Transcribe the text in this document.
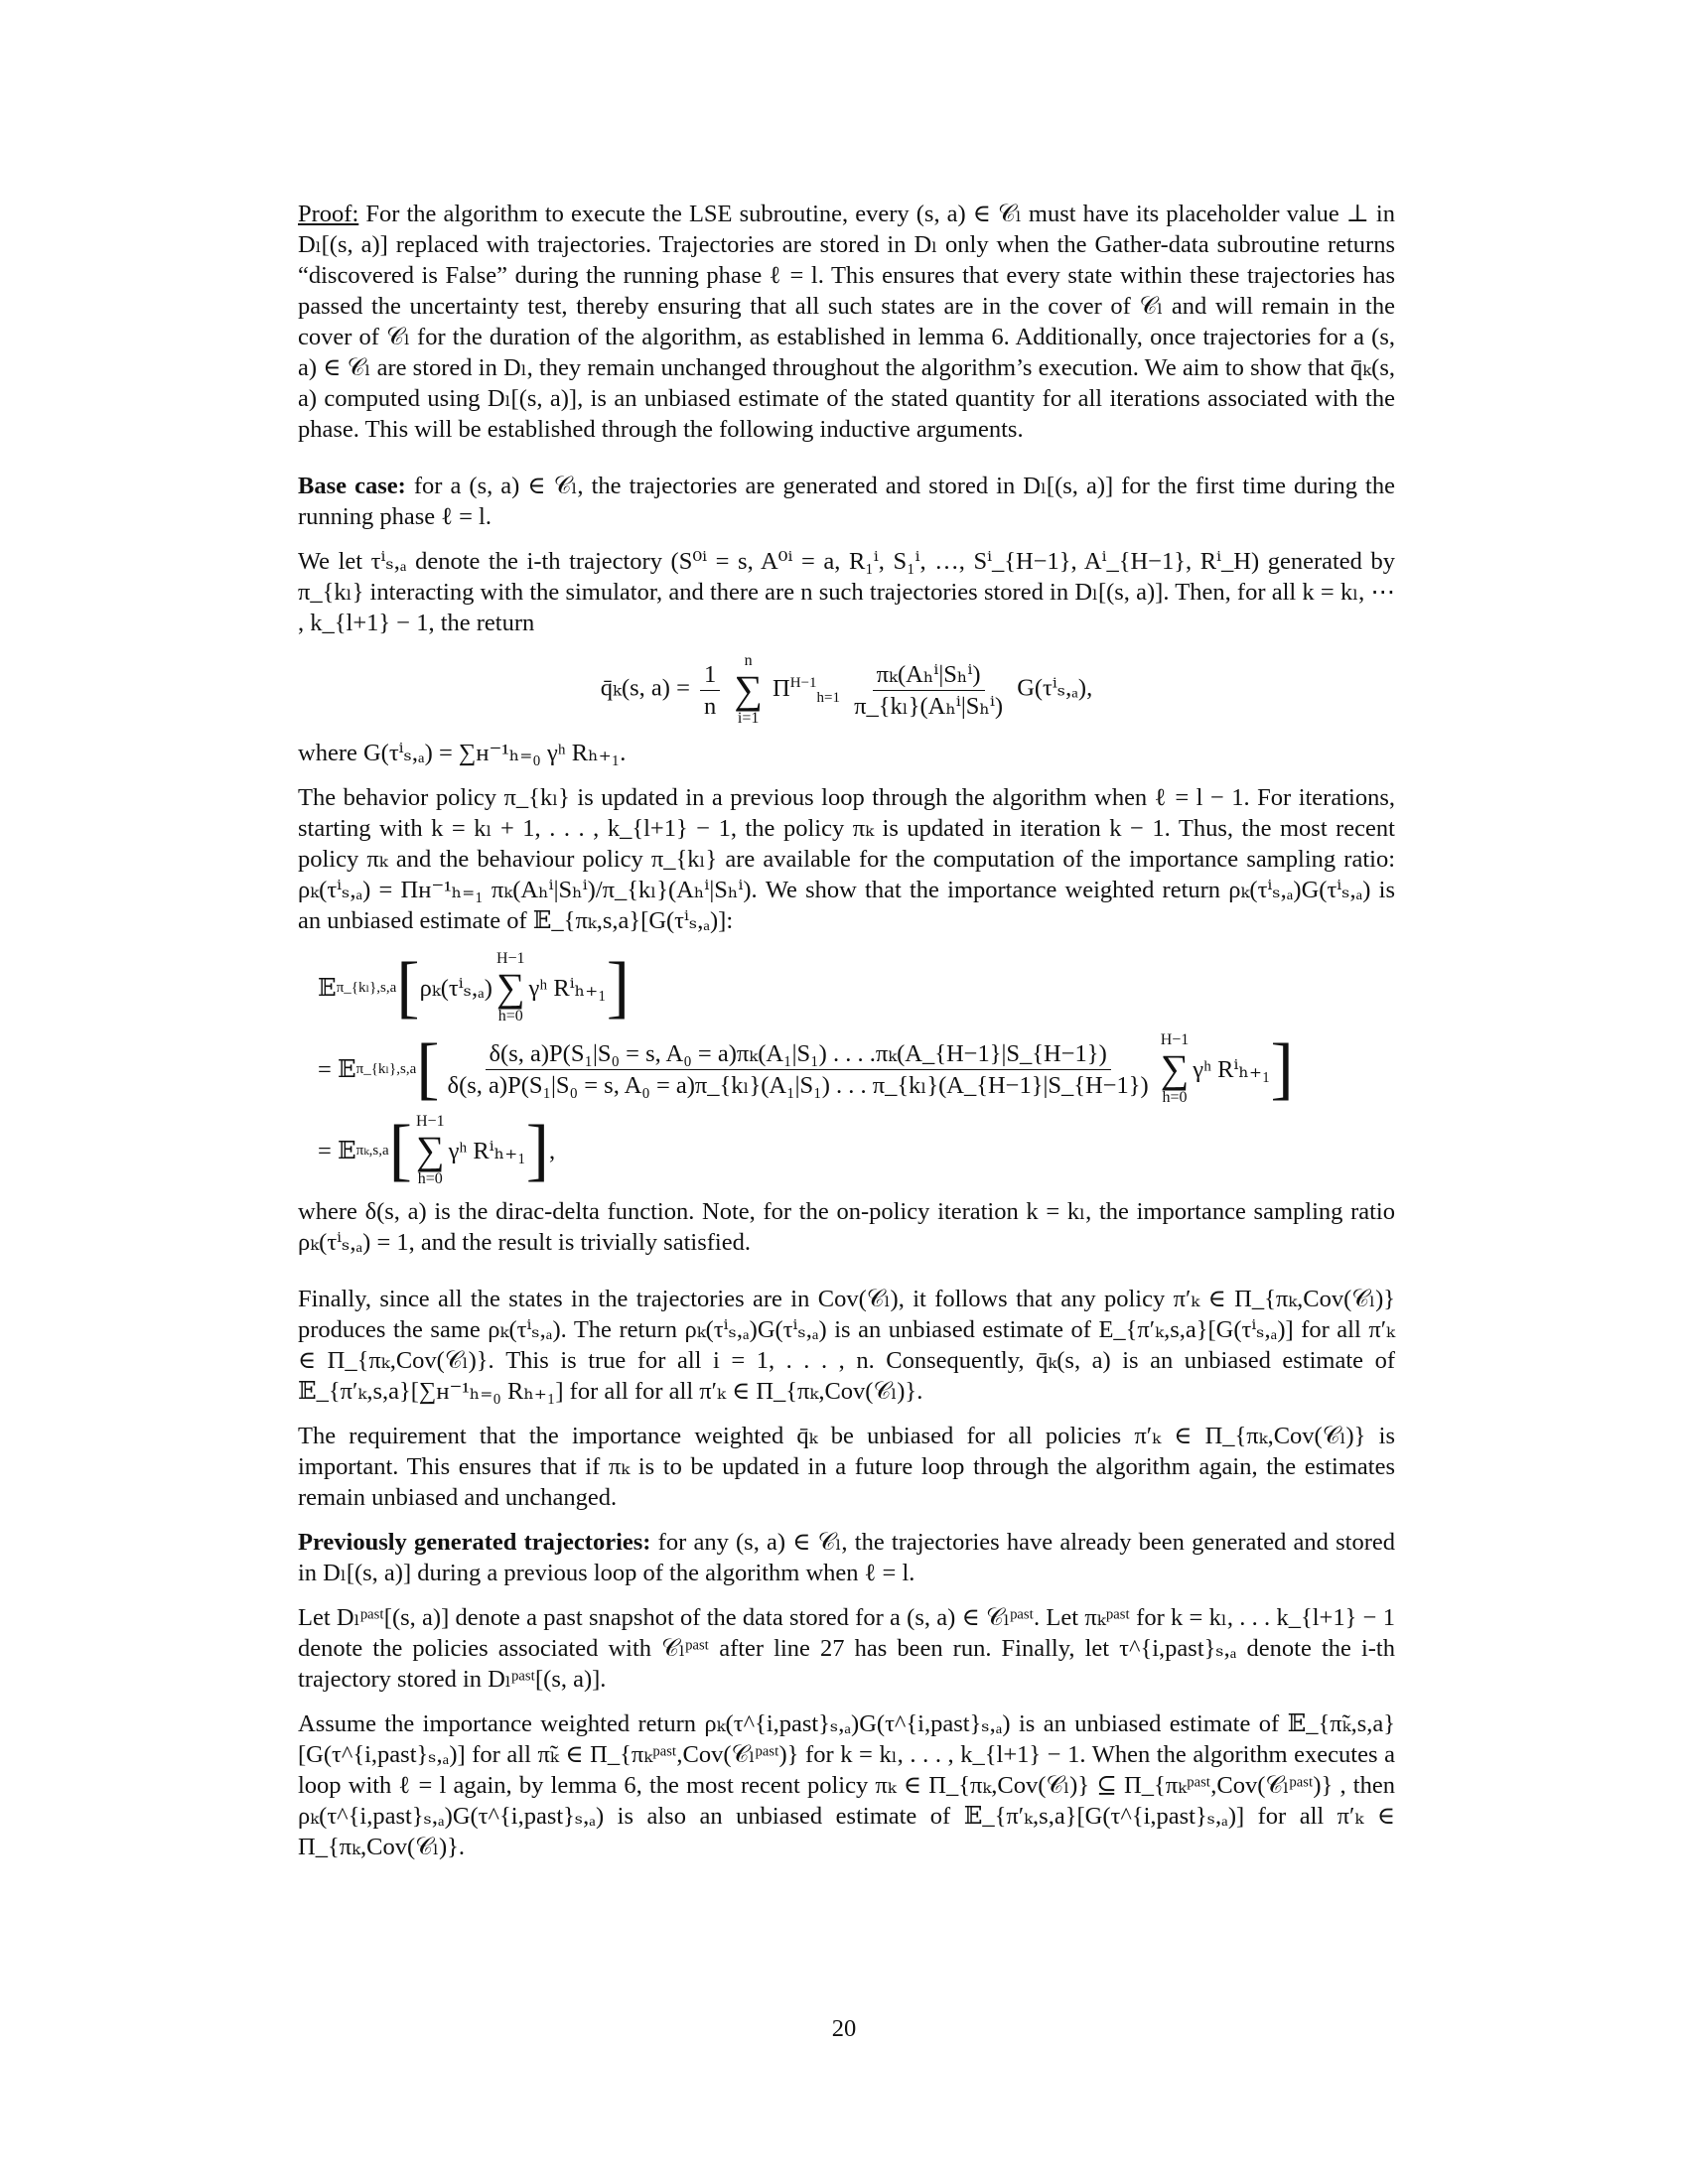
Proof: For the algorithm to execute the LSE subroutine, every (s, a) ∈ 𝒞ₗ must have its placeholder value ⊥ in Dₗ[(s, a)] replaced with trajectories. Trajectories are stored in Dₗ only when the Gather-data subroutine returns “discovered is False” during the running phase ℓ = l. This ensures that every state within these trajectories has passed the uncertainty test, thereby ensuring that all such states are in the cover of 𝒞ₗ and will remain in the cover of 𝒞ₗ for the duration of the algorithm, as established in lemma 6. Additionally, once trajectories for a (s, a) ∈ 𝒞ₗ are stored in Dₗ, they remain unchanged throughout the algorithm’s execution. We aim to show that q̄ₖ(s, a) computed using Dₗ[(s, a)], is an unbiased estimate of the stated quantity for all iterations associated with the phase. This will be established through the following inductive arguments.

Base case: for a (s, a) ∈ 𝒞ₗ, the trajectories are generated and stored in Dₗ[(s, a)] for the first time during the running phase ℓ = l.

We let τⁱₛ,ₐ denote the i-th trajectory (S⁰ⁱ = s, A⁰ⁱ = a, R₁ⁱ, S₁ⁱ, …, Sⁱ_{H−1}, Aⁱ_{H−1}, Rⁱ_H) generated by π_{kₗ} interacting with the simulator, and there are n such trajectories stored in Dₗ[(s, a)]. Then, for all k = kₗ, ⋯ , k_{l+1} − 1, the return

q̄ₖ(s, $a) = \frac{1}{n}$
n
∑
i=1
$\Pi^{H-1}_{h=1} \frac{\text{πₖ(Aₕⁱ|Sₕⁱ)}}{\text{π\_\{kₗ\}(Aₕⁱ|Sₕⁱ)}} G(\tau^i_s,_a)$,

where G(τⁱₛ,ₐ) = ∑ʜ⁻¹ₕ₌₀ γʰ Rₕ₊₁.

The behavior policy π_{kₗ} is updated in a previous loop through the algorithm when ℓ = l − 1. For iterations, starting with k = kₗ + 1, . . . , k_{l+1} − 1, the policy πₖ is updated in iteration k − 1. Thus, the most recent policy πₖ and the behaviour policy π_{kₗ} are available for the computation of the importance sampling ratio: ρₖ(τⁱₛ,ₐ) = Πʜ⁻¹ₕ₌₁ πₖ(Aₕⁱ|Sₕⁱ)/π_{kₗ}(Aₕⁱ|Sₕⁱ). We show that the importance weighted return ρₖ(τⁱₛ,ₐ)G(τⁱₛ,ₐ) is an unbiased estimate of 𝔼_{πₖ,s,a}[G(τⁱₛ,ₐ)]:

𝔼 π_{kₗ},s,a [ ρₖ(τⁱₛ,ₐ)
H−1
∑
h=0
γʰ Rⁱₕ₊₁ ]
= 𝔼 π_{kₗ},s,a [ δ(s, a)P(S₁|S₀ = s, A₀ = a)πₖ(A₁|S₁) . . . .πₖ(A_{H−1}|S_{H−1})
δ(s, a)P(S₁|S₀ = s, A₀ = a)π_{kₗ}(A₁|S₁) . . . π_{kₗ}(A_{H−1}|S_{H−1})
H−1
∑
h=0
γʰ Rⁱₕ₊₁ ]
= 𝔼 πₖ,s,a [ H−1
∑
h=0
γʰ Rⁱₕ₊₁ ] ,

where δ(s, a) is the dirac-delta function. Note, for the on-policy iteration k = kₗ, the importance sampling ratio ρₖ(τⁱₛ,ₐ) = 1, and the result is trivially satisfied.

Finally, since all the states in the trajectories are in Cov(𝒞ₗ), it follows that any policy π′ₖ ∈ Π_{πₖ,Cov(𝒞ₗ)} produces the same ρₖ(τⁱₛ,ₐ). The return ρₖ(τⁱₛ,ₐ)G(τⁱₛ,ₐ) is an unbiased estimate of E_{π′ₖ,s,a}[G(τⁱₛ,ₐ)] for all π′ₖ ∈ Π_{πₖ,Cov(𝒞ₗ)}. This is true for all i = 1, . . . , n. Consequently, q̄ₖ(s, a) is an unbiased estimate of 𝔼_{π′ₖ,s,a}[∑ʜ⁻¹ₕ₌₀ Rₕ₊₁] for all for all π′ₖ ∈ Π_{πₖ,Cov(𝒞ₗ)}.

The requirement that the importance weighted q̄ₖ be unbiased for all policies π′ₖ ∈ Π_{πₖ,Cov(𝒞ₗ)} is important. This ensures that if πₖ is to be updated in a future loop through the algorithm again, the estimates remain unbiased and unchanged.

Previously generated trajectories: for any (s, a) ∈ 𝒞ₗ, the trajectories have already been generated and stored in Dₗ[(s, a)] during a previous loop of the algorithm when ℓ = l.

Let Dₗᵖᵃˢᵗ[(s, a)] denote a past snapshot of the data stored for a (s, a) ∈ 𝒞ₗᵖᵃˢᵗ. Let πₖᵖᵃˢᵗ for k = kₗ, . . . k_{l+1} − 1 denote the policies associated with 𝒞ₗᵖᵃˢᵗ after line 27 has been run. Finally, let τ^{i,past}ₛ,ₐ denote the i-th trajectory stored in Dₗᵖᵃˢᵗ[(s, a)].

Assume the importance weighted return ρₖ(τ^{i,past}ₛ,ₐ)G(τ^{i,past}ₛ,ₐ) is an unbiased estimate of 𝔼_{π̃ₖ,s,a}[G(τ^{i,past}ₛ,ₐ)] for all π̃ₖ ∈ Π_{πₖᵖᵃˢᵗ,Cov(𝒞ₗᵖᵃˢᵗ)} for k = kₗ, . . . , k_{l+1} − 1. When the algorithm executes a loop with ℓ = l again, by lemma 6, the most recent policy πₖ ∈ Π_{πₖ,Cov(𝒞ₗ)} ⊆ Π_{πₖᵖᵃˢᵗ,Cov(𝒞ₗᵖᵃˢᵗ)} , then ρₖ(τ^{i,past}ₛ,ₐ)G(τ^{i,past}ₛ,ₐ) is also an unbiased estimate of 𝔼_{π′ₖ,s,a}[G(τ^{i,past}ₛ,ₐ)] for all π′ₖ ∈ Π_{πₖ,Cov(𝒞ₗ)}.

20
